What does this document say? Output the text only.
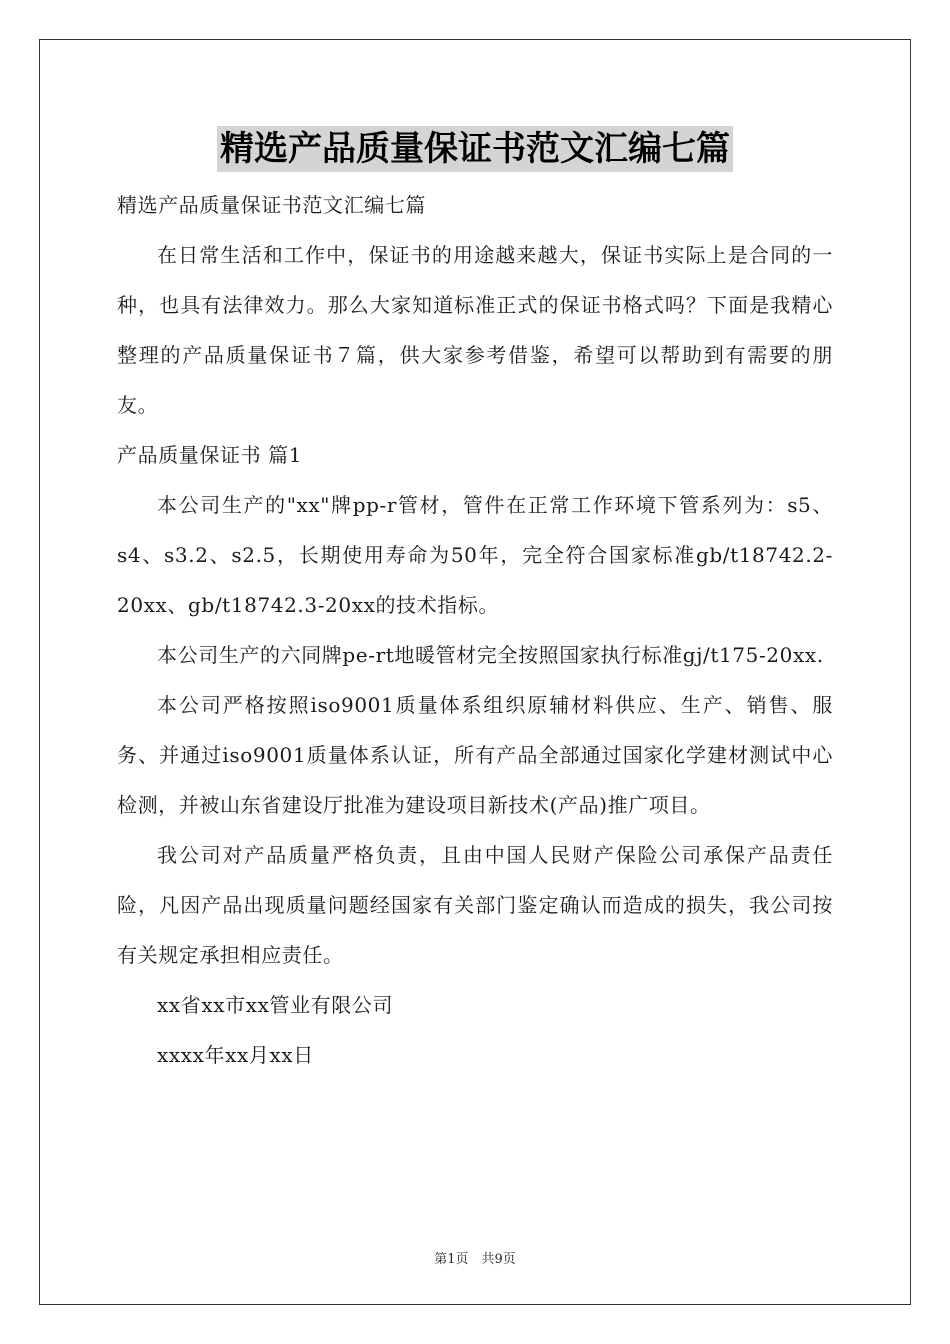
精选产品质量保证书范文汇编七篇

精选产品质量保证书范文汇编七篇

在日常生活和工作中，保证书的用途越来越大，保证书实际上是合同的一种，也具有法律效力。那么大家知道标准正式的保证书格式吗？下面是我精心整理的产品质量保证书７篇，供大家参考借鉴，希望可以帮助到有需要的朋友。

产品质量保证书 篇1

本公司生产的"xx"牌pp-r管材，管件在正常工作环境下管系列为：s5、s4、s3.2、s2.5，长期使用寿命为50年，完全符合国家标准gb/t18742.2-20xx、gb/t18742.3-20xx的技术指标。

本公司生产的六同牌pe-rt地暖管材完全按照国家执行标准gj/t175-20xx.

本公司严格按照iso9001质量体系组织原辅材料供应、生产、销售、服务、并通过iso9001质量体系认证，所有产品全部通过国家化学建材测试中心检测，并被山东省建设厅批准为建设项目新技术(产品)推广项目。

我公司对产品质量严格负责，且由中国人民财产保险公司承保产品责任险，凡因产品出现质量问题经国家有关部门鉴定确认而造成的损失，我公司按有关规定承担相应责任。

xx省xx市xx管业有限公司

xxxx年xx月xx日

第1页　共9页
